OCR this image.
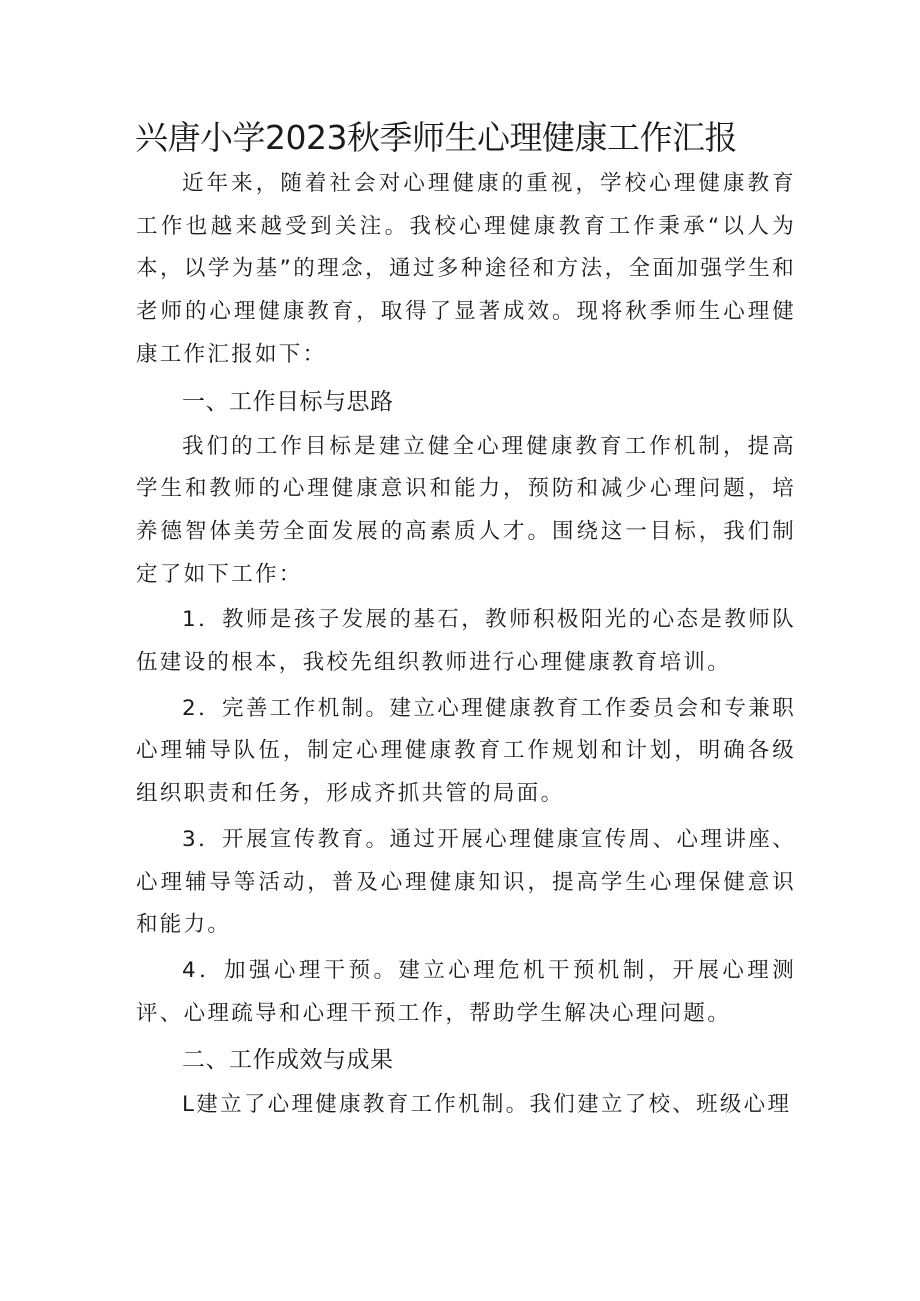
兴唐小学2023秋季师生心理健康工作汇报

近年来，随着社会对心理健康的重视，学校心理健康教育工作也越来越受到关注。我校心理健康教育工作秉承“以人为本，以学为基”的理念，通过多种途径和方法，全面加强学生和老师的心理健康教育，取得了显著成效。现将秋季师生心理健康工作汇报如下：

一、工作目标与思路

我们的工作目标是建立健全心理健康教育工作机制，提高学生和教师的心理健康意识和能力，预防和减少心理问题，培养德智体美劳全面发展的高素质人才。围绕这一目标，我们制定了如下工作：

1．教师是孩子发展的基石，教师积极阳光的心态是教师队伍建设的根本，我校先组织教师进行心理健康教育培训。

2．完善工作机制。建立心理健康教育工作委员会和专兼职心理辅导队伍，制定心理健康教育工作规划和计划，明确各级组织职责和任务，形成齐抓共管的局面。

3．开展宣传教育。通过开展心理健康宣传周、心理讲座、心理辅导等活动，普及心理健康知识，提高学生心理保健意识和能力。

4．加强心理干预。建立心理危机干预机制，开展心理测评、心理疏导和心理干预工作，帮助学生解决心理问题。

二、工作成效与成果

L建立了心理健康教育工作机制。我们建立了校、班级心理
